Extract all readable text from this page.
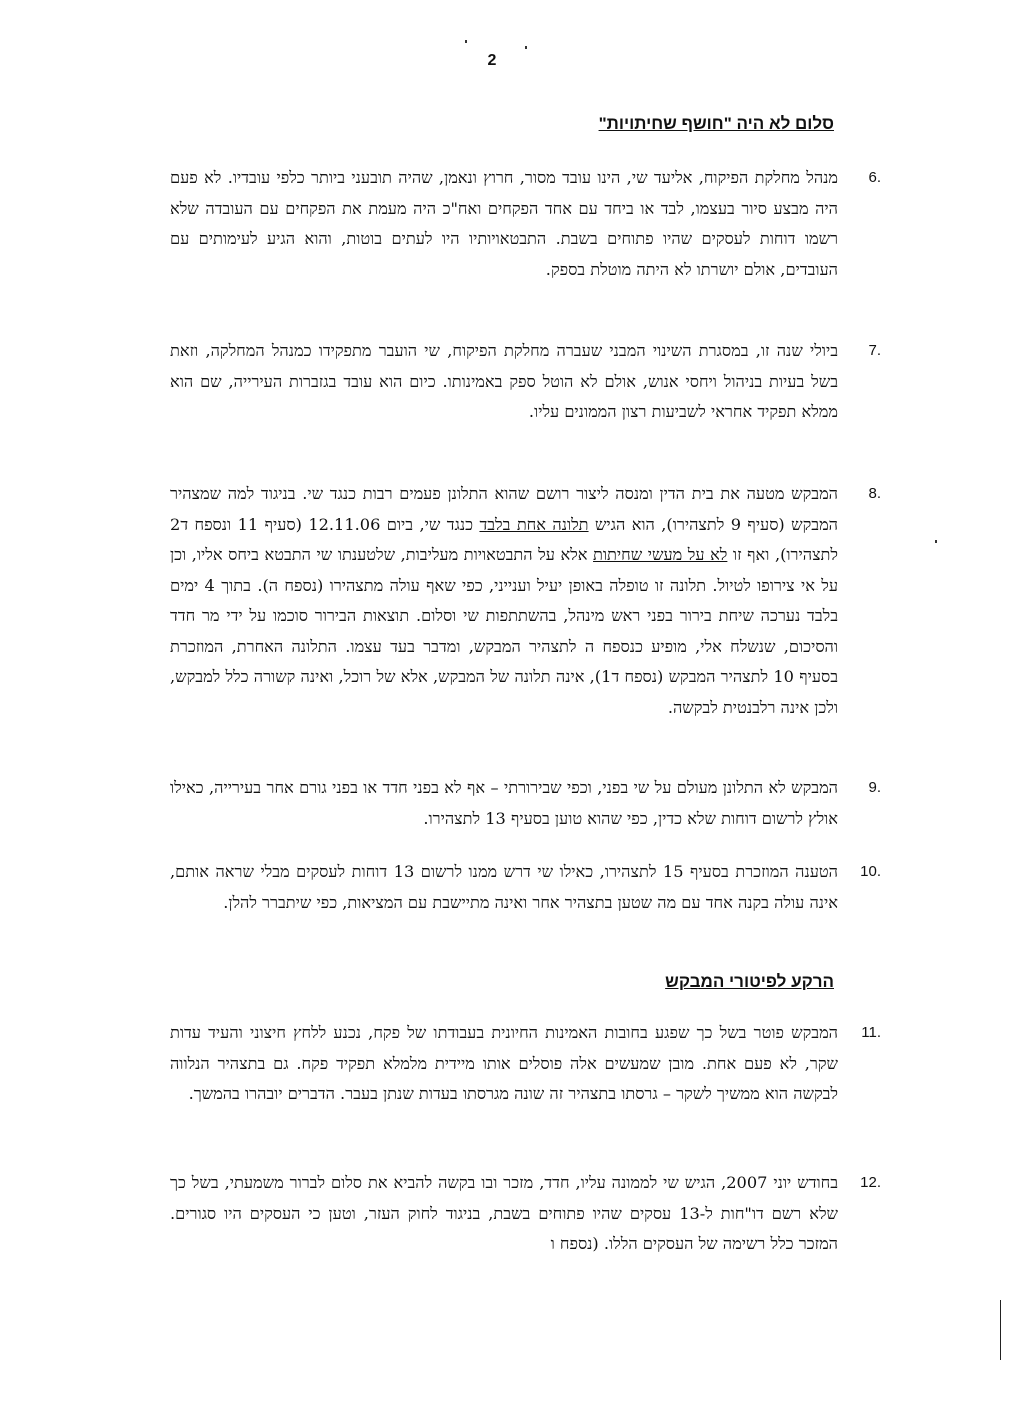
2
סלום לא היה "חושף שחיתויות"
.6
מנהל מחלקת הפיקוח, אליעד שי, הינו עובד מסור, חרוץ ונאמן, שהיה תובעני ביותר כלפי עובדיו. לא פעם היה מבצע סיור בעצמו, לבד או ביחד עם אחד הפקחים ואח"כ היה מעמת את הפקחים עם העובדה שלא רשמו דוחות לעסקים שהיו פתוחים בשבת. התבטאויותיו היו לעתים בוטות, והוא הגיע לעימותים עם העובדים, אולם יושרתו לא היתה מוטלת בספק.
.7
ביולי שנה זו, במסגרת השינוי המבני שעברה מחלקת הפיקוח, שי הועבר מתפקידו כמנהל המחלקה, וזאת בשל בעיות בניהול ויחסי אנוש, אולם לא הוטל ספק באמינותו. כיום הוא עובד בגזברות העירייה, שם הוא ממלא תפקיד אחראי לשביעות רצון הממונים עליו.
.8
המבקש מטעה את בית הדין ומנסה ליצור רושם שהוא התלונן פעמים רבות כנגד שי. בניגוד למה שמצהיר המבקש (סעיף 9 לתצהירו), הוא הגיש תלונה אחת בלבד כנגד שי, ביום 12.11.06 (סעיף 11 ונספח ד2 לתצהירו), ואף זו לא על מעשי שחיתות אלא על התבטאויות מעליבות, שלטענתו שי התבטא ביחס אליו, וכן על אי צירופו לטיול. תלונה זו טופלה באופן יעיל וענייני, כפי שאף עולה מתצהירו (נספח ה). בתוך 4 ימים בלבד נערכה שיחת בירור בפני ראש מינהל, בהשתתפות שי וסלום. תוצאות הבירור סוכמו על ידי מר חדד והסיכום, שנשלח אלי, מופיע כנספח ה לתצהיר המבקש, ומדבר בעד עצמו. התלונה האחרת, המוזכרת בסעיף 10 לתצהיר המבקש (נספח ד1), אינה תלונה של המבקש, אלא של רוכל, ואינה קשורה כלל למבקש, ולכן אינה רלבנטית לבקשה.
.9
המבקש לא התלונן מעולם על שי בפני, וכפי שבירורתי – אף לא בפני חדד או בפני גורם אחר בעירייה, כאילו אולץ לרשום דוחות שלא כדין, כפי שהוא טוען בסעיף 13 לתצהירו.
.10
הטענה המוזכרת בסעיף 15 לתצהירו, כאילו שי דרש ממנו לרשום 13 דוחות לעסקים מבלי שראה אותם, אינה עולה בקנה אחד עם מה שטען בתצהיר אחר ואינה מתיישבת עם המציאות, כפי שיתברר להלן.
הרקע לפיטורי המבקש
.11
המבקש פוטר בשל כך שפגע בחובות האמינות החיונית בעבודתו של פקח, נכנע ללחץ חיצוני והעיד עדות שקר, לא פעם אחת. מובן שמעשים אלה פוסלים אותו מיידית מלמלא תפקיד פקח. גם בתצהיר הנלווה לבקשה הוא ממשיך לשקר – גרסתו בתצהיר זה שונה מגרסתו בעדות שנתן בעבר. הדברים יובהרו בהמשך.
.12
בחודש יוני 2007, הגיש שי לממונה עליו, חדד, מזכר ובו בקשה להביא את סלום לברור משמעתי, בשל כך שלא רשם דו"חות ל-13 עסקים שהיו פתוחים בשבת, בניגוד לחוק העזר, וטען כי העסקים היו סגורים. המזכר כלל רשימה של העסקים הללו. (נספח ו
